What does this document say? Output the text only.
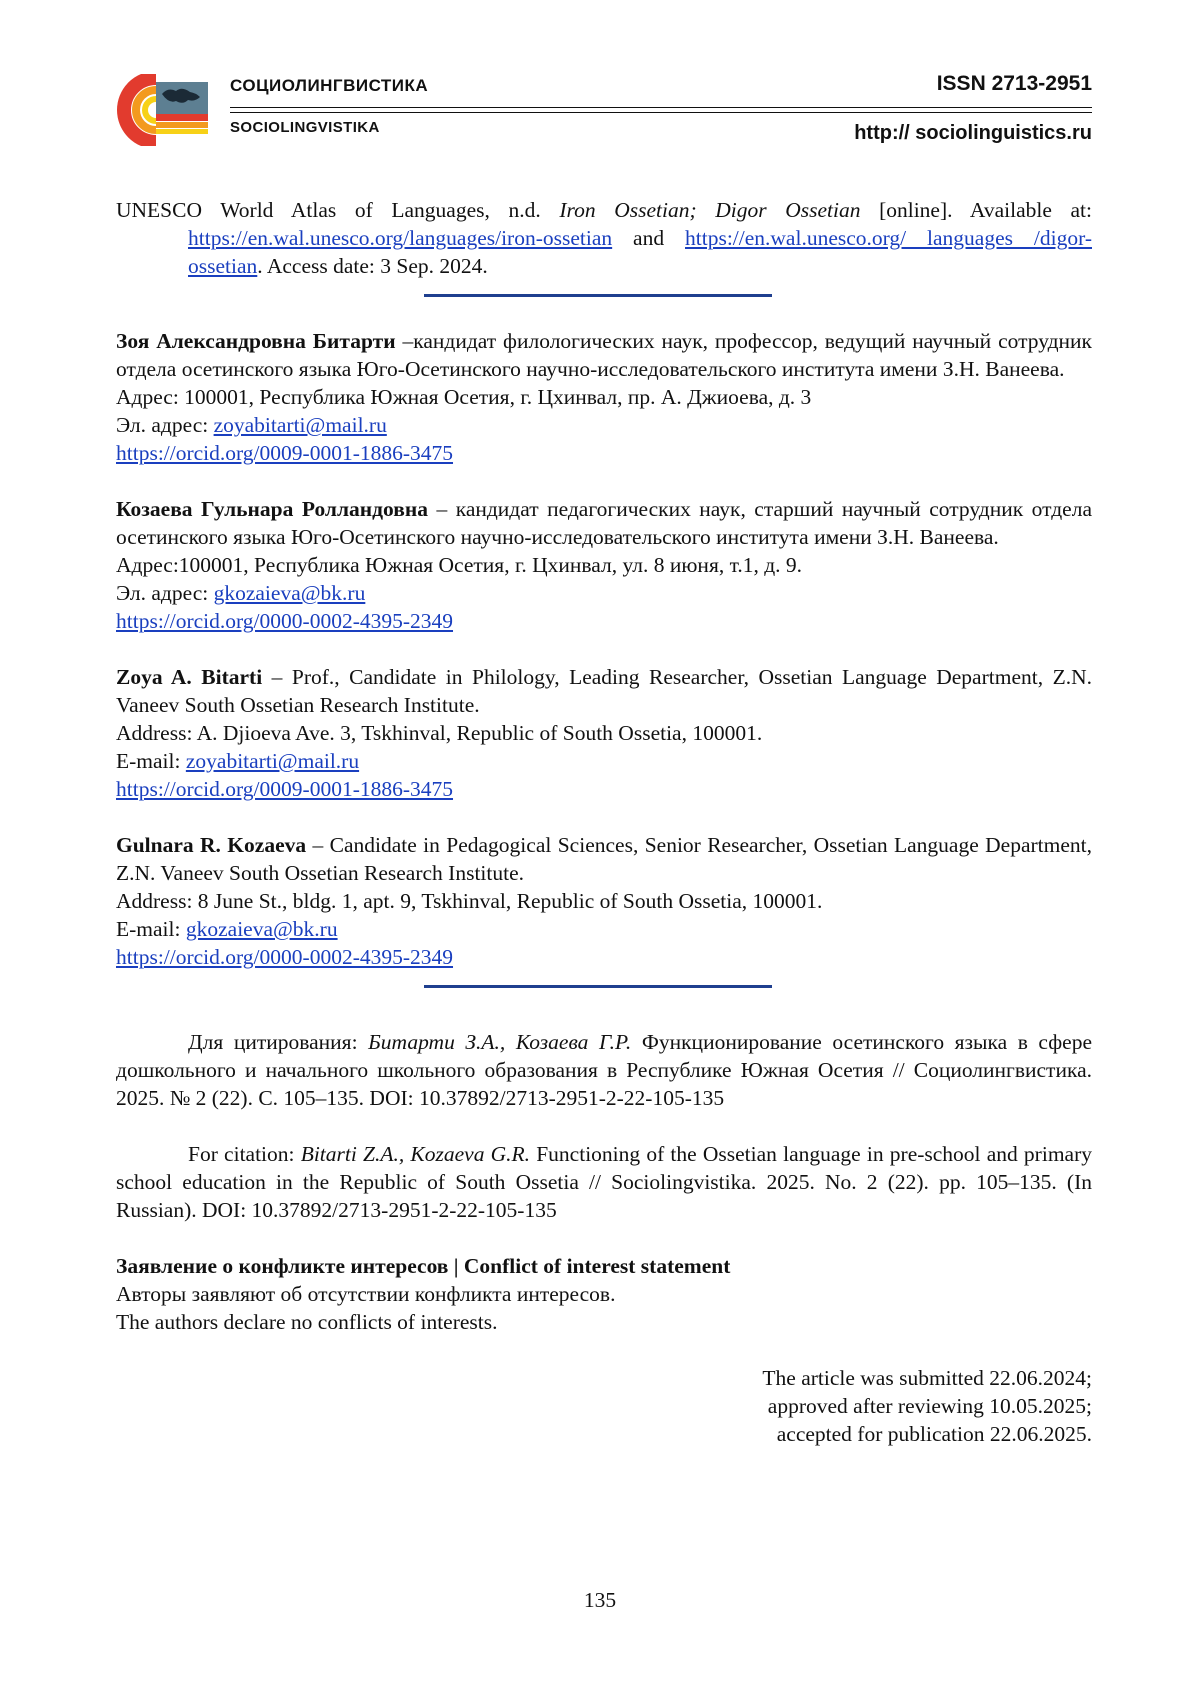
СОЦИОЛИНГВИСТИКА
SOCIOLINGVISTIKA
ISSN 2713-2951
http:// sociolinguistics.ru

UNESCO World Atlas of Languages, n.d. Iron Ossetian; Digor Ossetian [online]. Available at: https://en.wal.unesco.org/languages/iron-ossetian and https://en.wal.unesco.org/ languages /digor-ossetian. Access date: 3 Sep. 2024.

Зоя Александровна Битарти –кандидат филологических наук, профессор, ведущий научный сотрудник отдела осетинского языка Юго-Осетинского научно-исследовательского института имени З.Н. Ванеева.

Адрес: 100001, Республика Южная Осетия, г. Цхинвал, пр. А. Джиоева, д. 3

Эл. адрес: zoyabitarti@mail.ru

https://orcid.org/0009-0001-1886-3475

Козаева Гульнара Ролландовна – кандидат педагогических наук, старший научный сотрудник отдела осетинского языка Юго-Осетинского научно-исследовательского института имени З.Н. Ванеева.

Адрес:100001, Республика Южная Осетия, г. Цхинвал, ул. 8 июня, т.1, д. 9.

Эл. адрес: gkozaieva@bk.ru

https://orcid.org/0000-0002-4395-2349

Zoya A. Bitarti – Prof., Candidate in Philology, Leading Researcher, Ossetian Language Department, Z.N. Vaneev South Ossetian Research Institute.

Address: A. Djioeva Ave. 3, Tskhinval, Republic of South Ossetia, 100001.

E-mail: zoyabitarti@mail.ru

https://orcid.org/0009-0001-1886-3475

Gulnara R. Kozaeva – Candidate in Pedagogical Sciences, Senior Researcher, Ossetian Language Department, Z.N. Vaneev South Ossetian Research Institute.

Address: 8 June St., bldg. 1, apt. 9, Tskhinval, Republic of South Ossetia, 100001.

E-mail: gkozaieva@bk.ru

https://orcid.org/0000-0002-4395-2349

Для цитирования: Битарти З.А., Козаева Г.Р. Функционирование осетинского языка в сфере дошкольного и начального школьного образования в Республике Южная Осетия // Социолингвистика. 2025. № 2 (22). С. 105–135. DOI: 10.37892/2713-2951-2-22-105-135

For citation: Bitarti Z.A., Kozaeva G.R. Functioning of the Ossetian language in pre-school and primary school education in the Republic of South Ossetia // Sociolingvistika. 2025. No. 2 (22). pp. 105–135. (In Russian). DOI: 10.37892/2713-2951-2-22-105-135

Заявление о конфликте интересов | Conflict of interest statement

Авторы заявляют об отсутствии конфликта интересов.

The authors declare no conflicts of interests.

The article was submitted 22.06.2024;

approved after reviewing 10.05.2025;

accepted for publication 22.06.2025.

135
